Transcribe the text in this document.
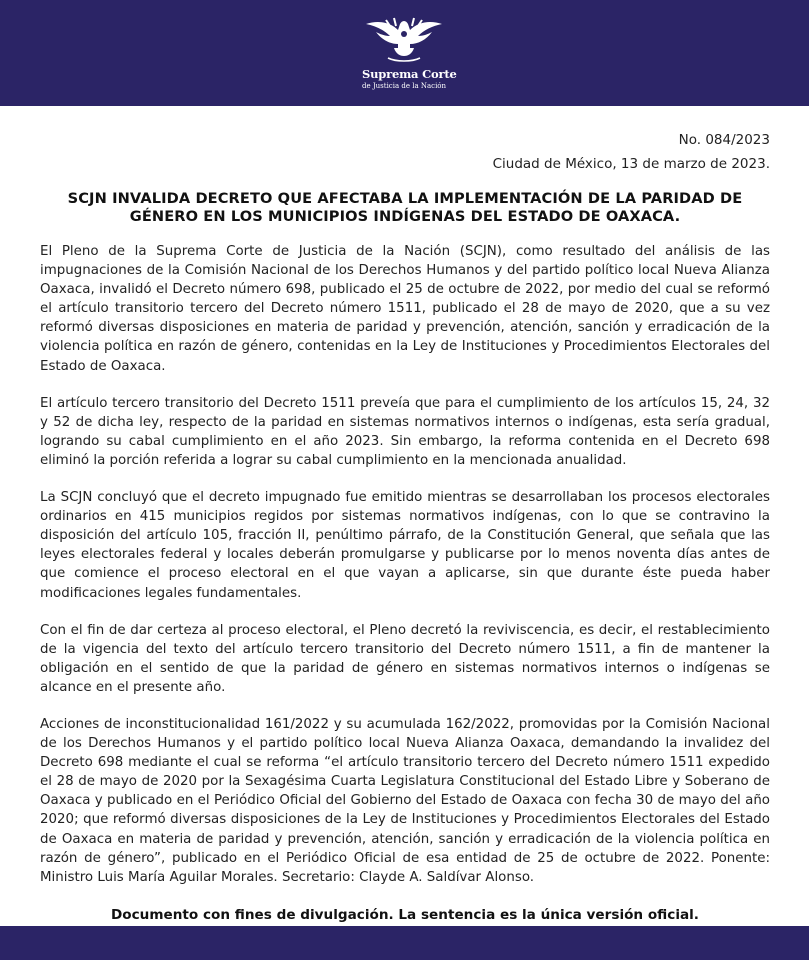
Suprema Corte
de Justicia de la Nación
No. 084/2023
Ciudad de México, 13 de marzo de 2023.
SCJN INVALIDA DECRETO QUE AFECTABA LA IMPLEMENTACIÓN DE LA PARIDAD DE GÉNERO EN LOS MUNICIPIOS INDÍGENAS DEL ESTADO DE OAXACA.

El Pleno de la Suprema Corte de Justicia de la Nación (SCJN), como resultado del análisis de las impugnaciones de la Comisión Nacional de los Derechos Humanos y del partido político local Nueva Alianza Oaxaca, invalidó el Decreto número 698, publicado el 25 de octubre de 2022, por medio del cual se reformó el artículo transitorio tercero del Decreto número 1511, publicado el 28 de mayo de 2020, que a su vez reformó diversas disposiciones en materia de paridad y prevención, atención, sanción y erradicación de la violencia política en razón de género, contenidas en la Ley de Instituciones y Procedimientos Electorales del Estado de Oaxaca.

El artículo tercero transitorio del Decreto 1511 preveía que para el cumplimiento de los artículos 15, 24, 32 y 52 de dicha ley, respecto de la paridad en sistemas normativos internos o indígenas, esta sería gradual, logrando su cabal cumplimiento en el año 2023. Sin embargo, la reforma contenida en el Decreto 698 eliminó la porción referida a lograr su cabal cumplimiento en la mencionada anualidad.

La SCJN concluyó que el decreto impugnado fue emitido mientras se desarrollaban los procesos electorales ordinarios en 415 municipios regidos por sistemas normativos indígenas, con lo que se contravino la disposición del artículo 105, fracción II, penúltimo párrafo, de la Constitución General, que señala que las leyes electorales federal y locales deberán promulgarse y publicarse por lo menos noventa días antes de que comience el proceso electoral en el que vayan a aplicarse, sin que durante éste pueda haber modificaciones legales fundamentales.

Con el fin de dar certeza al proceso electoral, el Pleno decretó la reviviscencia, es decir, el restablecimiento de la vigencia del texto del artículo tercero transitorio del Decreto número 1511, a fin de mantener la obligación en el sentido de que la paridad de género en sistemas normativos internos o indígenas se alcance en el presente año.

Acciones de inconstitucionalidad 161/2022 y su acumulada 162/2022, promovidas por la Comisión Nacional de los Derechos Humanos y el partido político local Nueva Alianza Oaxaca, demandando la invalidez del Decreto 698 mediante el cual se reforma “el artículo transitorio tercero del Decreto número 1511 expedido el 28 de mayo de 2020 por la Sexagésima Cuarta Legislatura Constitucional del Estado Libre y Soberano de Oaxaca y publicado en el Periódico Oficial del Gobierno del Estado de Oaxaca con fecha 30 de mayo del año 2020; que reformó diversas disposiciones de la Ley de Instituciones y Procedimientos Electorales del Estado de Oaxaca en materia de paridad y prevención, atención, sanción y erradicación de la violencia política en razón de género”, publicado en el Periódico Oficial de esa entidad de 25 de octubre de 2022. Ponente: Ministro Luis María Aguilar Morales. Secretario: Clayde A. Saldívar Alonso.

Documento con fines de divulgación. La sentencia es la única versión oficial.
